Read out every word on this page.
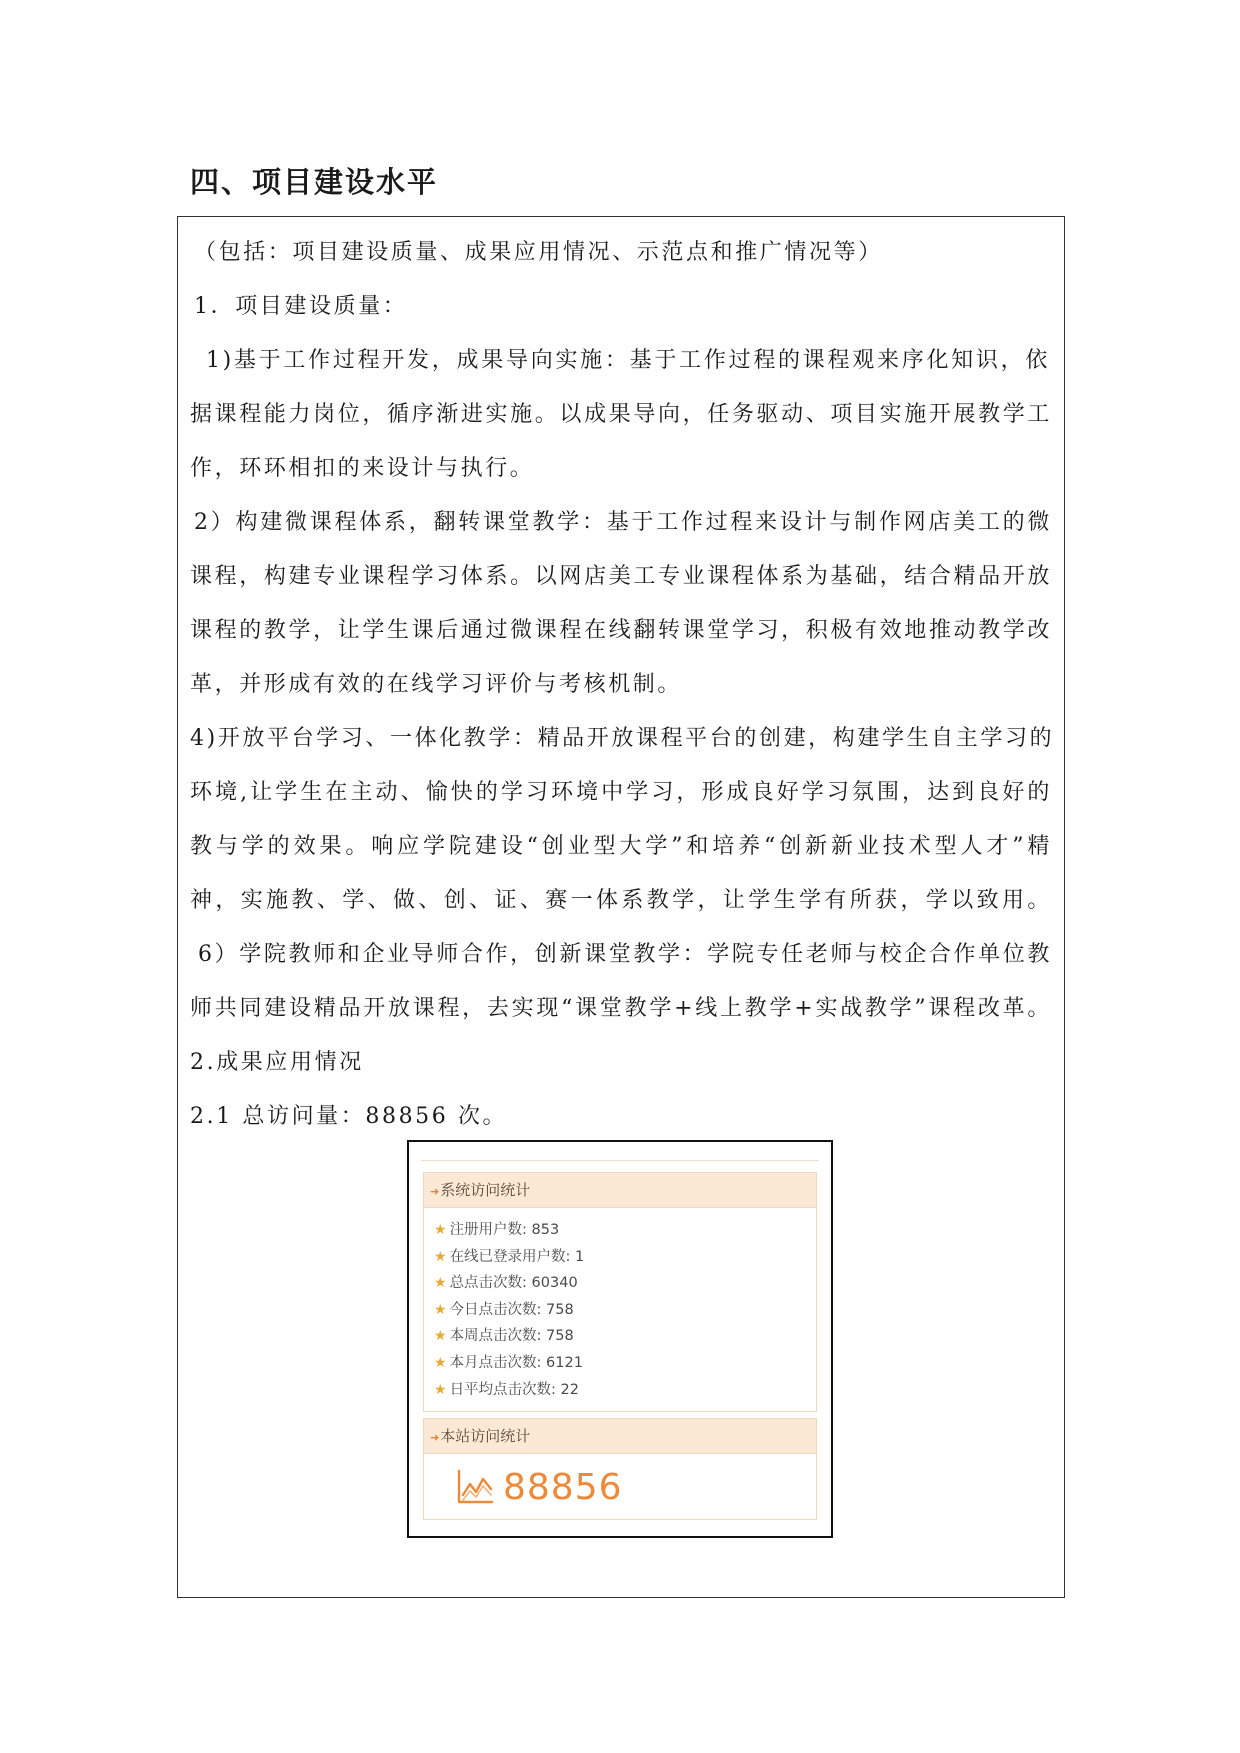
四、项目建设水平
（包括：项目建设质量、成果应用情况、示范点和推广情况等）
1．项目建设质量：
1)基于工作过程开发，成果导向实施：基于工作过程的课程观来序化知识，依
据课程能力岗位，循序渐进实施。以成果导向，任务驱动、项目实施开展教学工
作，环环相扣的来设计与执行。
2）构建微课程体系，翻转课堂教学：基于工作过程来设计与制作网店美工的微
课程，构建专业课程学习体系。以网店美工专业课程体系为基础，结合精品开放
课程的教学，让学生课后通过微课程在线翻转课堂学习，积极有效地推动教学改
革，并形成有效的在线学习评价与考核机制。
4)开放平台学习、一体化教学：精品开放课程平台的创建，构建学生自主学习的
环境,让学生在主动、愉快的学习环境中学习，形成良好学习氛围，达到良好的
教与学的效果。响应学院建设“创业型大学”和培养“创新新业技术型人才”精
神，实施教、学、做、创、证、赛一体系教学，让学生学有所获，学以致用。
6）学院教师和企业导师合作，创新课堂教学：学院专任老师与校企合作单位教
师共同建设精品开放课程，去实现“课堂教学+线上教学+实战教学”课程改革。
2.成果应用情况
2.1 总访问量：88856 次。
➜系统访问统计
★ 注册用户数: 853
★ 在线已登录用户数: 1
★ 总点击次数: 60340
★ 今日点击次数: 758
★ 本周点击次数: 758
★ 本月点击次数: 6121
★ 日平均点击次数: 22
➜本站访问统计
88856
